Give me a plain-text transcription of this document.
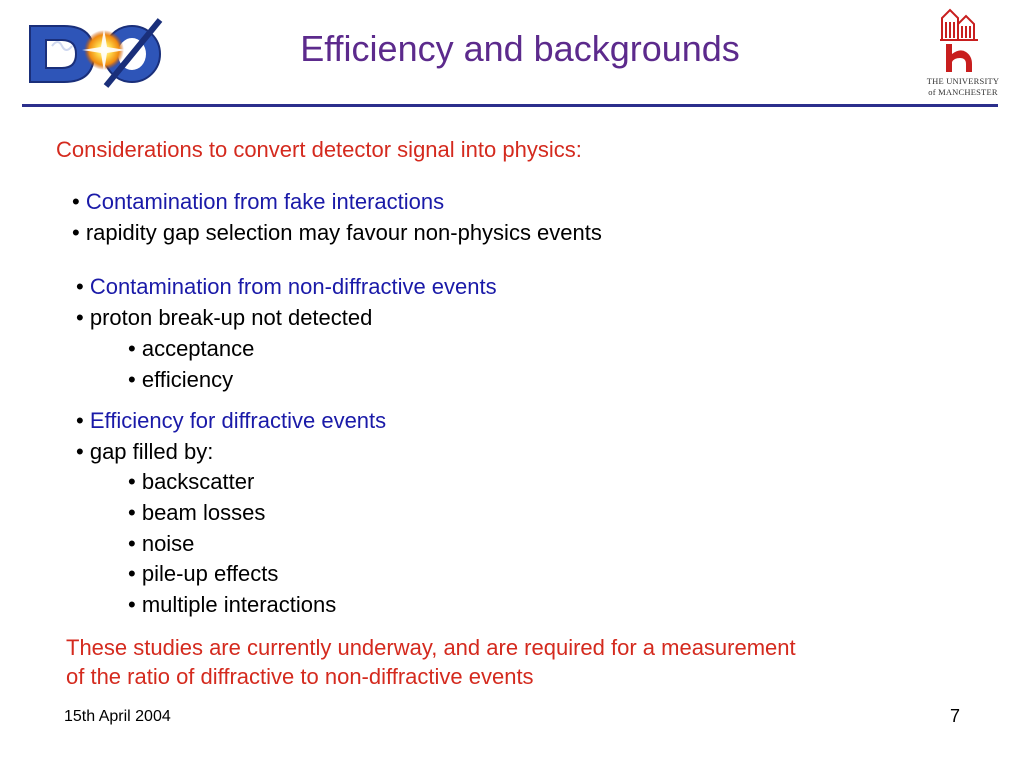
Efficiency and backgrounds
THE UNIVERSITY
of MANCHESTER
Considerations to convert detector signal into physics:
• Contamination from fake interactions
• rapidity gap selection may favour non-physics events
• Contamination from non-diffractive events
• proton break-up not detected
• acceptance
• efficiency
• Efficiency for diffractive events
• gap filled by:
• backscatter
• beam losses
• noise
• pile-up effects
• multiple interactions
These studies are currently underway, and are required for a measurement
of the ratio of diffractive to non-diffractive events
15th April 2004	7
